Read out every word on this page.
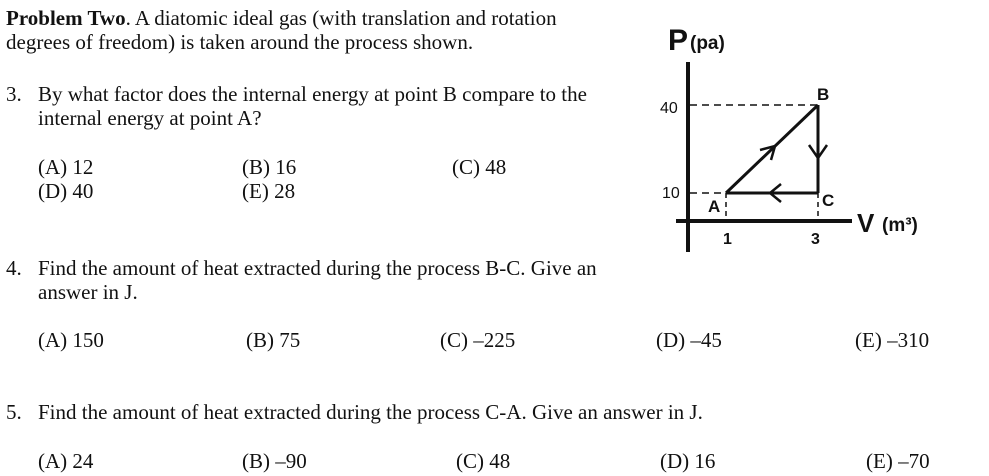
Problem Two. A diatomic ideal gas (with translation and rotation
degrees of freedom) is taken around the process shown.
3. By what factor does the internal energy at point B compare to the
internal energy at point A?
(A) 12	(B) 16	(C) 48
(D) 40	(E) 28
4. Find the amount of heat extracted during the process B-C. Give an
answer in J.
(A) 150	(B) 75	(C) –225	(D) –45	(E) –310
5. Find the amount of heat extracted during the process C-A. Give an answer in J.
(A) 24	(B) –90	(C) 48	(D) 16	(E) –70
P (pa)
V (m³)
40
10
1	3
A
B
C
